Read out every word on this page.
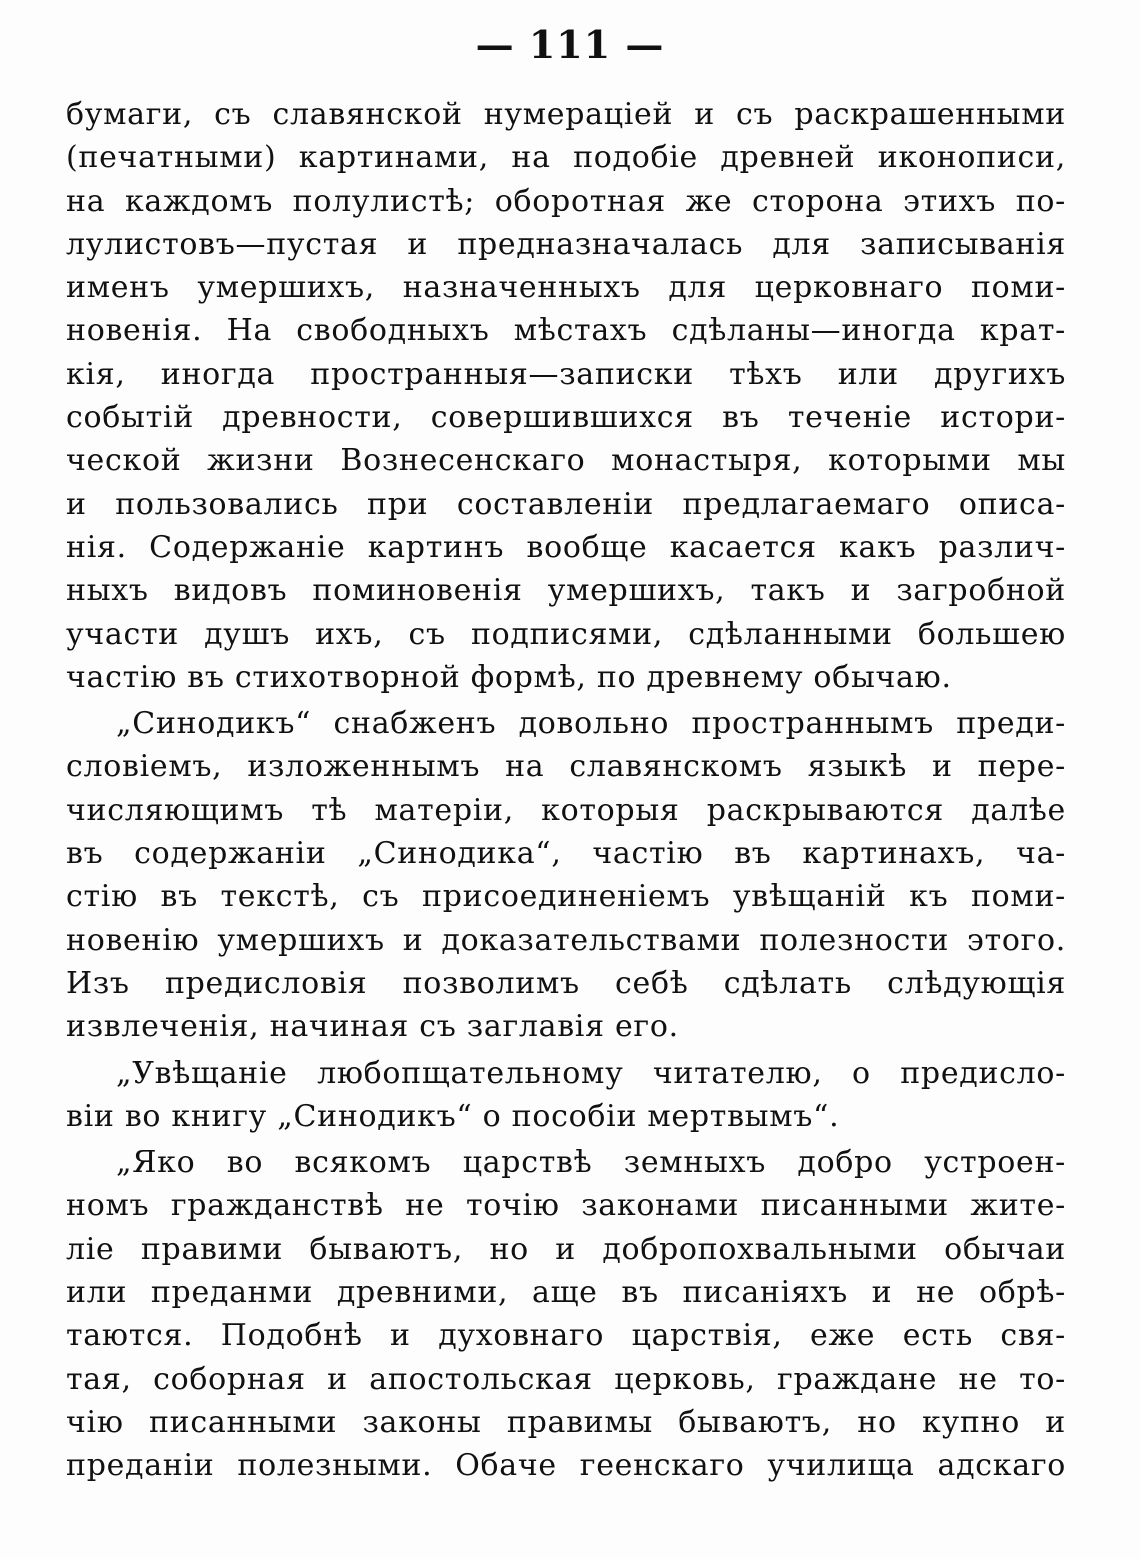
— 111 —
бумаги, съ славянской нумераціей и съ раскрашенными
(печатными) картинами, на подобіе древней иконописи,
на каждомъ полулистѣ; оборотная же сторона этихъ по-
лулистовъ—пустая и предназначалась для записыванія
именъ умершихъ, назначенныхъ для церковнаго поми-
новенія. На свободныхъ мѣстахъ сдѣланы—иногда крат-
кія, иногда пространныя—записки тѣхъ или другихъ
событій древности, совершившихся въ теченіе истори-
ческой жизни Вознесенскаго монастыря, которыми мы
и пользовались при составленіи предлагаемаго описа-
нія. Содержаніе картинъ вообще касается какъ различ-
ныхъ видовъ поминовенія умершихъ, такъ и загробной
участи душъ ихъ, съ подписями, сдѣланными большею
частію въ стихотворной формѣ, по древнему обычаю.
„Синодикъ“ снабженъ довольно пространнымъ преди-
словіемъ, изложеннымъ на славянскомъ языкѣ и пере-
числяющимъ тѣ матеріи, которыя раскрываются далѣе
въ содержаніи „Синодика“, частію въ картинахъ, ча-
стію въ текстѣ, съ присоединеніемъ увѣщаній къ поми-
новенію умершихъ и доказательствами полезности этого.
Изъ предисловія позволимъ себѣ сдѣлать слѣдующія
извлеченія, начиная съ заглавія его.
„Увѣщаніе любопщательному читателю, о предисло-
віи во книгу „Синодикъ“ о пособіи мертвымъ“.
„Яко во всякомъ царствѣ земныхъ добро устроен-
номъ гражданствѣ не точію законами писанными жите-
ліе правими бываютъ, но и добропохвальными обычаи
или преданми древними, аще въ писаніяхъ и не обрѣ-
таются. Подобнѣ и духовнаго царствія, еже есть свя-
тая, соборная и апостольская церковь, граждане не то-
чію писанными законы правимы бываютъ, но купно и
преданіи полезными. Обаче геенскаго училища адскаго
